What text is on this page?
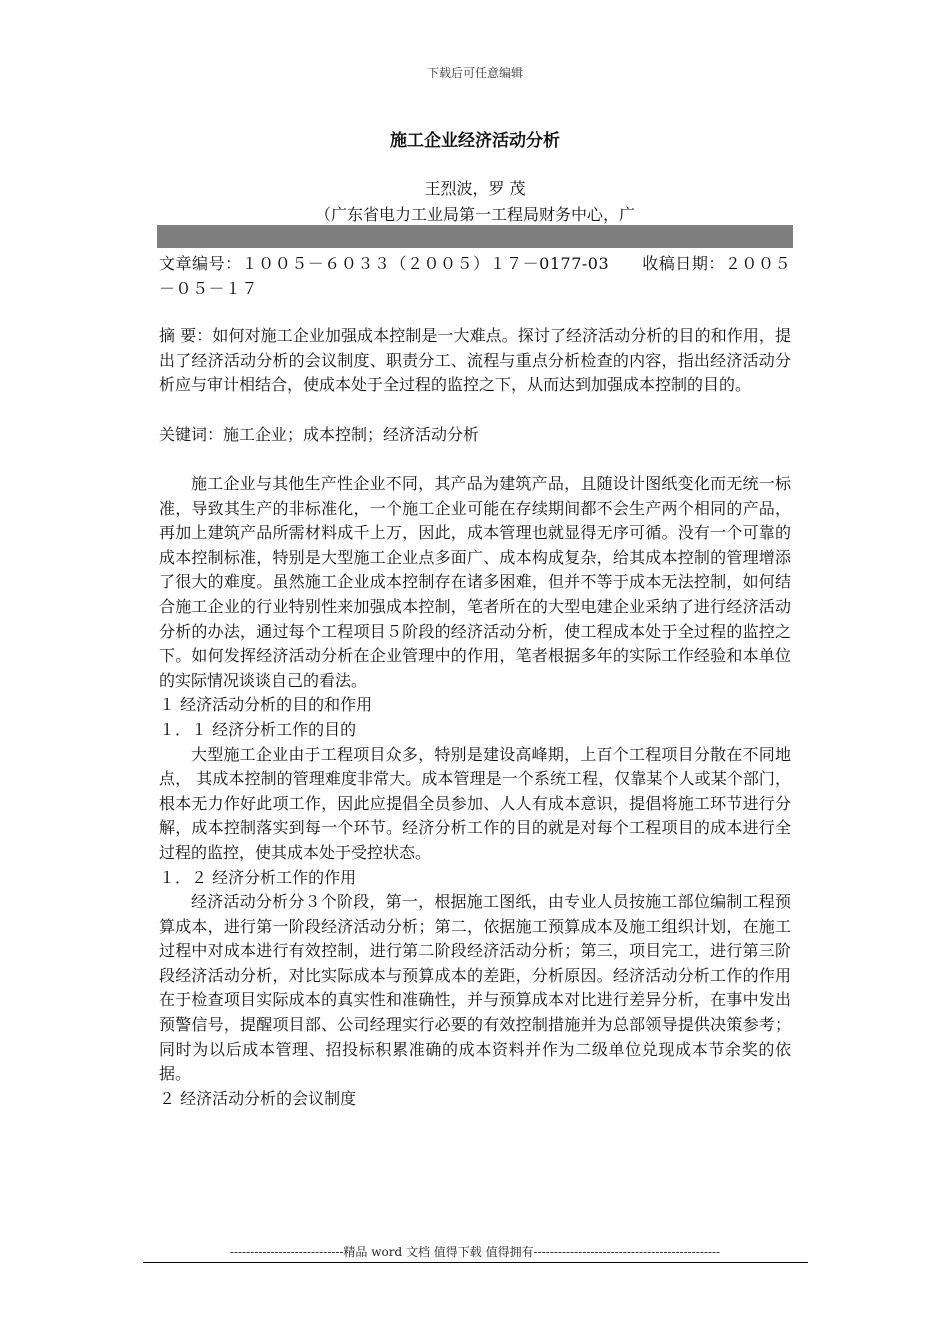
下载后可任意编辑
施工企业经济活动分析
王烈波，罗 茂
（广东省电力工业局第一工程局财务中心，广
文章编号：１００５－６０３３（２００５）１７－0177-03　　收稿日期：２００５－０５－１７
摘 要：如何对施工企业加强成本控制是一大难点。探讨了经济活动分析的目的和作用，提出了经济活动分析的会议制度、职责分工、流程与重点分析检查的内容，指出经济活动分析应与审计相结合，使成本处于全过程的监控之下，从而达到加强成本控制的目的。
关键词：施工企业；成本控制；经济活动分析

施工企业与其他生产性企业不同，其产品为建筑产品，且随设计图纸变化而无统一标准，导致其生产的非标准化，一个施工企业可能在存续期间都不会生产两个相同的产品，再加上建筑产品所需材料成千上万，因此，成本管理也就显得无序可循。没有一个可靠的成本控制标准，特别是大型施工企业点多面广、成本构成复杂，给其成本控制的管理增添了很大的难度。虽然施工企业成本控制存在诸多困难，但并不等于成本无法控制，如何结合施工企业的行业特别性来加强成本控制，笔者所在的大型电建企业采纳了进行经济活动分析的办法，通过每个工程项目５阶段的经济活动分析，使工程成本处于全过程的监控之下。如何发挥经济活动分析在企业管理中的作用，笔者根据多年的实际工作经验和本单位的实际情况谈谈自己的看法。

１ 经济活动分析的目的和作用

１．１ 经济分析工作的目的

大型施工企业由于工程项目众多，特别是建设高峰期，上百个工程项目分散在不同地点， 其成本控制的管理难度非常大。成本管理是一个系统工程，仅靠某个人或某个部门，根本无力作好此项工作，因此应提倡全员参加、人人有成本意识，提倡将施工环节进行分解，成本控制落实到每一个环节。经济分析工作的目的就是对每个工程项目的成本进行全过程的监控，使其成本处于受控状态。

１．２ 经济分析工作的作用

经济活动分析分３个阶段，第一，根据施工图纸，由专业人员按施工部位编制工程预算成本，进行第一阶段经济活动分析；第二，依据施工预算成本及施工组织计划，在施工过程中对成本进行有效控制，进行第二阶段经济活动分析；第三，项目完工，进行第三阶段经济活动分析，对比实际成本与预算成本的差距，分析原因。经济活动分析工作的作用在于检查项目实际成本的真实性和准确性，并与预算成本对比进行差异分析，在事中发出预警信号，提醒项目部、公司经理实行必要的有效控制措施并为总部领导提供决策参考；同时为以后成本管理、招投标积累准确的成本资料并作为二级单位兑现成本节余奖的依据。

２ 经济活动分析的会议制度

----------------------------精品 word 文档 值得下载 值得拥有----------------------------------------------
